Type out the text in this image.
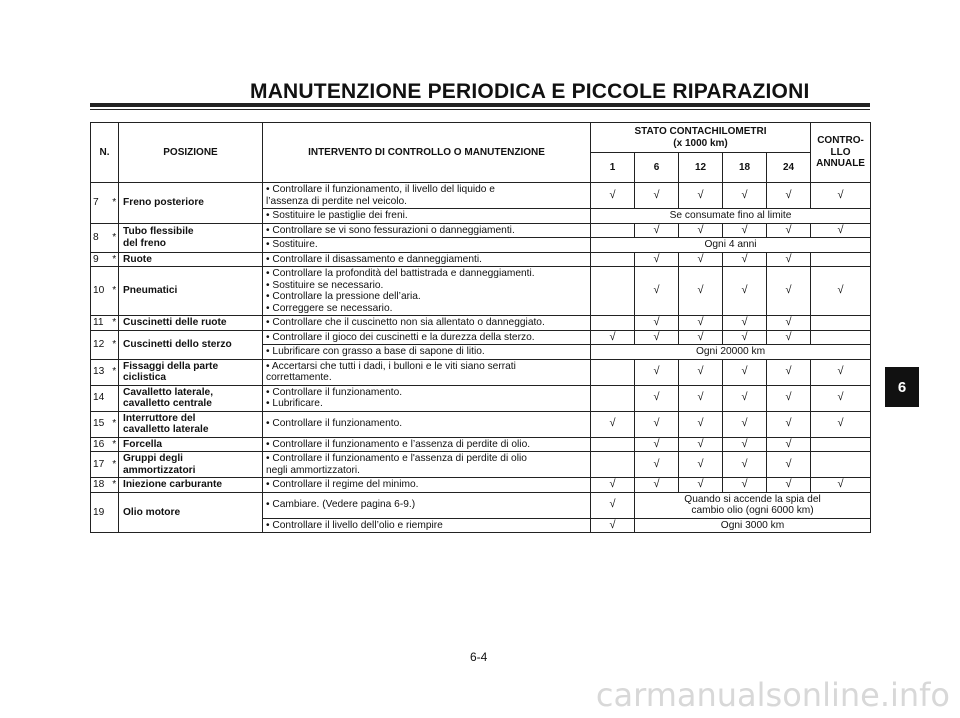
MANUTENZIONE PERIODICA E PICCOLE RIPARAZIONI
N.		POSIZIONE	INTERVENTO DI CONTROLLO O MANUTENZIONE	STATO CONTACHILOMETRI
(x 1000 km)					CONTRO-
LLO
ANNUALE
				1	6	12	18	24	
7	*	Freno posteriore	• Controllare il funzionamento, il livello del liquido e
l’assenza di perdite nel veicolo.	√	√	√	√	√	√
			• Sostituire le pastiglie dei freni.	Se consumate fino al limite					
8	*	Tubo flessibile
del freno	• Controllare se vi sono fessurazioni o danneggiamenti.		√	√	√	√	√
			• Sostituire.	Ogni 4 anni					
9	*	Ruote	• Controllare il disassamento e danneggiamenti.		√	√	√	√	
10	*	Pneumatici	• Controllare la profondità del battistrada e danneggiamenti.
• Sostituire se necessario.
• Controllare la pressione dell’aria.
• Correggere se necessario.		√	√	√	√	√
11	*	Cuscinetti delle ruote	• Controllare che il cuscinetto non sia allentato o danneggiato.		√	√	√	√	
12	*	Cuscinetti dello sterzo	• Controllare il gioco dei cuscinetti e la durezza della sterzo.	√	√	√	√	√	
			• Lubrificare con grasso a base di sapone di litio.	Ogni 20000 km					
13	*	Fissaggi della parte
ciclistica	• Accertarsi che tutti i dadi, i bulloni e le viti siano serrati
correttamente.		√	√	√	√	√
14		Cavalletto laterale,
cavalletto centrale	• Controllare il funzionamento.
• Lubrificare.		√	√	√	√	√
15	*	Interruttore del
cavalletto laterale	• Controllare il funzionamento.	√	√	√	√	√	√
16	*	Forcella	• Controllare il funzionamento e l’assenza di perdite di olio.		√	√	√	√	
17	*	Gruppi degli
ammortizzatori	• Controllare il funzionamento e l'assenza di perdite di olio
negli ammortizzatori.		√	√	√	√	
18	*	Iniezione carburante	• Controllare il regime del minimo.	√	√	√	√	√	√
19		Olio motore	• Cambiare. (Vedere pagina 6-9.)	√	Quando si accende la spia del
cambio olio (ogni 6000 km)				
			• Controllare il livello dell’olio e riempire	√	Ogni 3000 km				
6
6-4
carmanualsonline.info
